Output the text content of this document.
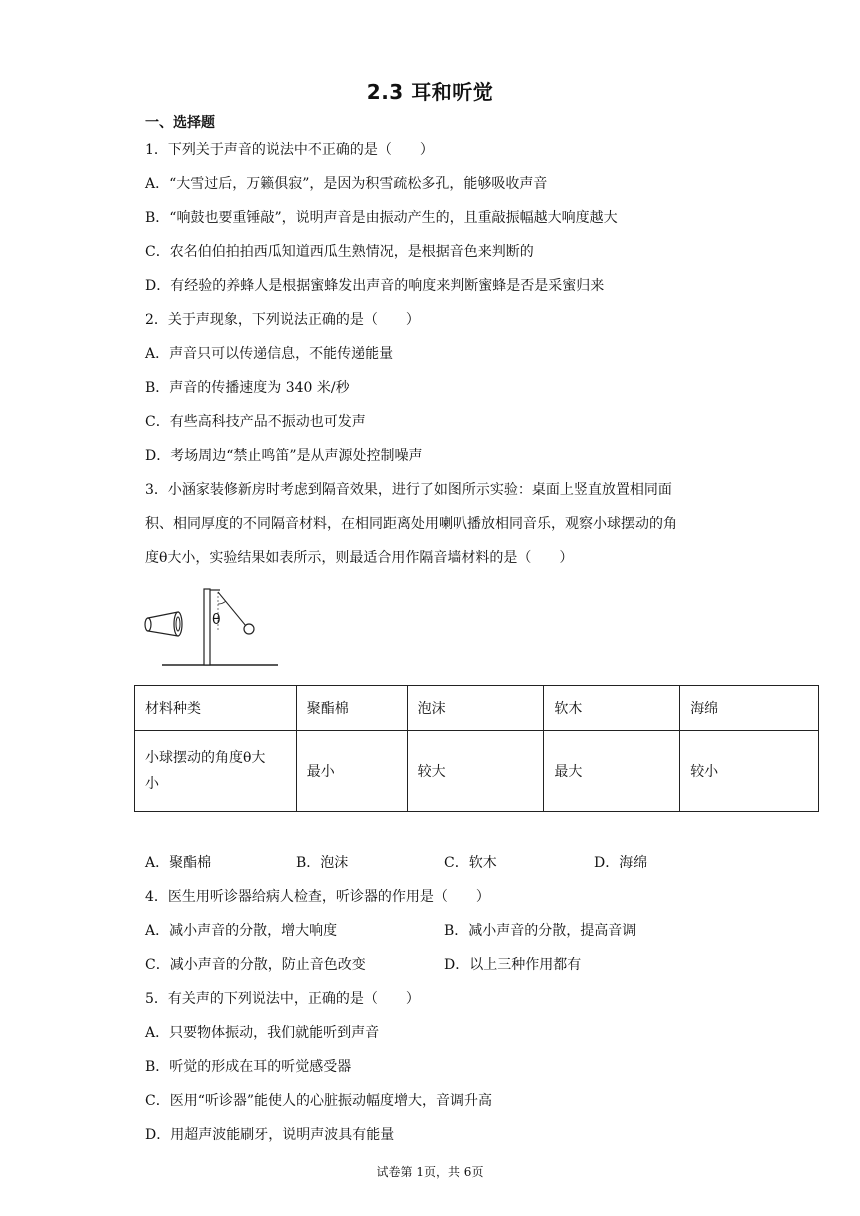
2.3 耳和听觉
一、选择题
1．下列关于声音的说法中不正确的是（　　）
A．“大雪过后，万籁俱寂”，是因为积雪疏松多孔，能够吸收声音
B．“响鼓也要重锤敲”，说明声音是由振动产生的，且重敲振幅越大响度越大
C．农名伯伯拍拍西瓜知道西瓜生熟情况，是根据音色来判断的
D．有经验的养蜂人是根据蜜蜂发出声音的响度来判断蜜蜂是否是采蜜归来
2．关于声现象，下列说法正确的是（　　）
A．声音只可以传递信息，不能传递能量
B．声音的传播速度为 340 米/秒
C．有些高科技产品不振动也可发声
D．考场周边“禁止鸣笛”是从声源处控制噪声
3．小涵家装修新房时考虑到隔音效果，进行了如图所示实验：桌面上竖直放置相同面
积、相同厚度的不同隔音材料，在相同距离处用喇叭播放相同音乐，观察小球摆动的角
度θ大小，实验结果如表所示，则最适合用作隔音墙材料的是（　　）
θ
材料种类	聚酯棉	泡沫	软木	海绵
小球摆动的角度θ大
小	最小	较大	最大	较小
A．聚酯棉	B．泡沫	C．软木	D．海绵
4．医生用听诊器给病人检查，听诊器的作用是（　　）
A．减小声音的分散，增大响度	B．减小声音的分散，提高音调
C．减小声音的分散，防止音色改变	D．以上三种作用都有
5．有关声的下列说法中，正确的是（　　）
A．只要物体振动，我们就能听到声音
B．听觉的形成在耳的听觉感受器
C．医用“听诊器”能使人的心脏振动幅度增大，音调升高
D．用超声波能刷牙，说明声波具有能量
试卷第 1页，共 6页
